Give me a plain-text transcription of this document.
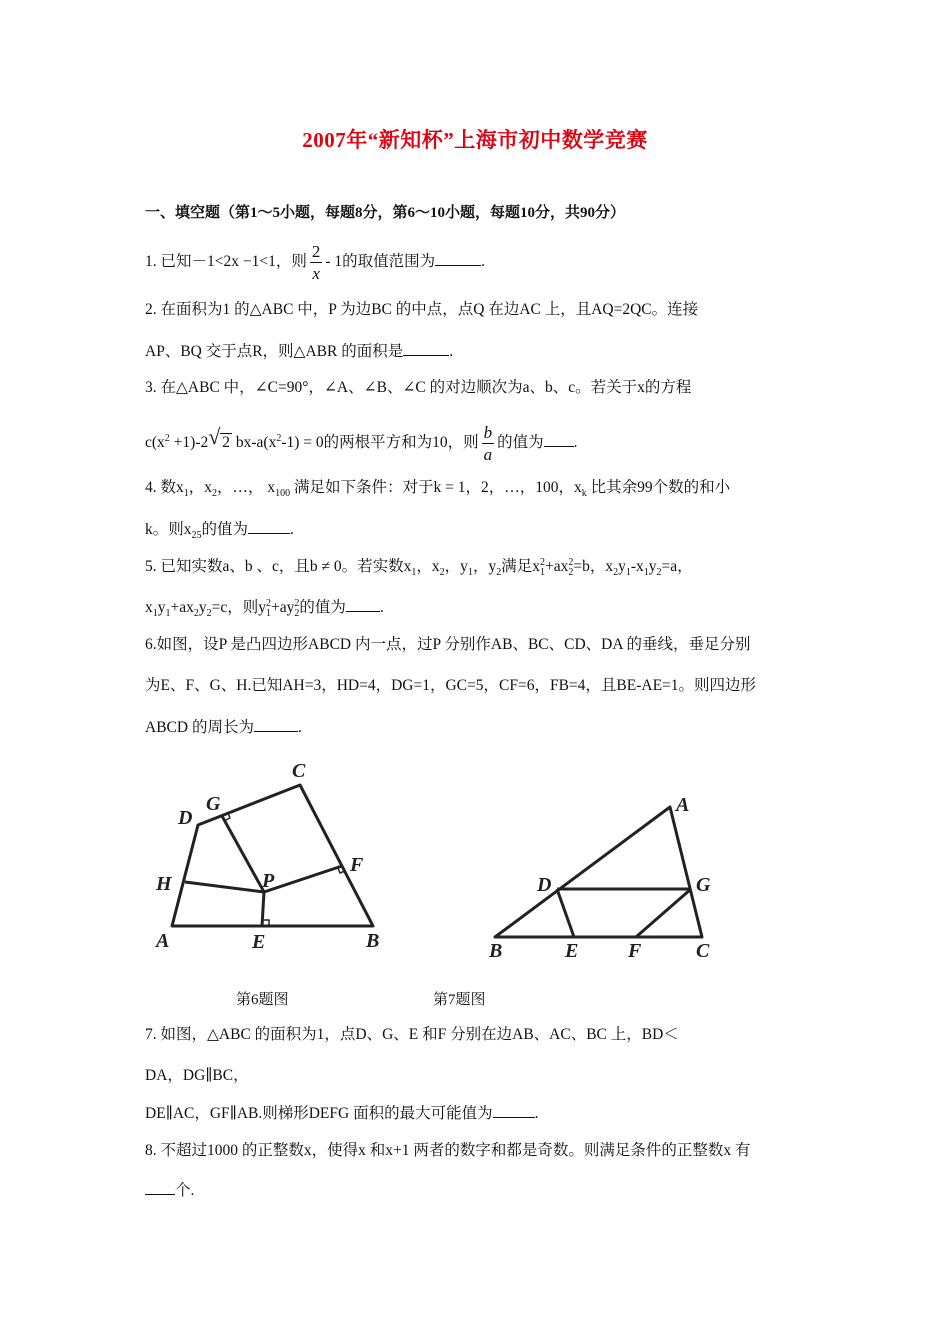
2007年“新知杯”上海市初中数学竞赛
一、填空题（第1～5小题，每题8分，第6～10小题，每题10分，共90分）
1. 已知－1<2x −1<1，则 $\frac{2}{x} - 1$的取值范围为	.
2. 在面积为1 的△ABC 中，P 为边BC 的中点，点Q 在边AC 上，且AQ=2QC。连接
AP、BQ 交于点R，则△ABR 的面积是	.
3. 在△ABC 中，∠C=90°，∠A、∠B、∠C 的对边顺次为a、b、c。若关于x的方程
$c(x^2 +1)-2$ √ 2 $bx-a(x^2-1) = 0$的两根平方和为10，则 $\frac{b}{a}$ 的值为 .
4. 数$x_1$，$x_2$，…， $x_{100}$ 满足如下条件：对于k = 1，2，…，100，$x_k$ 比其余99个数的和小
k。则$x_{25}$的值为	.
5. 已知实数a、b 、c，且b ≠ 0。若实数$x_1$，$x_2$，$y_1$，$y_2$满足$x_1^2+ax_2^2=b$，$x_2y_1-x_1y_2=a$，
$x_1y_1+ax_2y_2=c$，则$y_1^2+ay_2^2$的值为 .
6.如图，设P 是凸四边形ABCD 内一点，过P 分别作AB、BC、CD、DA 的垂线，垂足分别
为E、F、G、H.已知AH=3，HD=4，DG=1，GC=5，CF=6，FB=4，且BE-AE=1。则四边形
ABCD 的周长为	.
A	B
C
D
E
F
G
H	P
A
B	C
D
E F
G
第6题图	第7题图
7. 如图，△ABC 的面积为1，点D、G、E 和F 分别在边AB、AC、BC 上，BD＜
DA，DG∥BC，
DE∥AC，GF∥AB.则梯形DEFG 面积的最大可能值为	.
8. 不超过1000 的正整数x，使得x 和x+1 两者的数字和都是奇数。则满足条件的正整数x 有
个.
